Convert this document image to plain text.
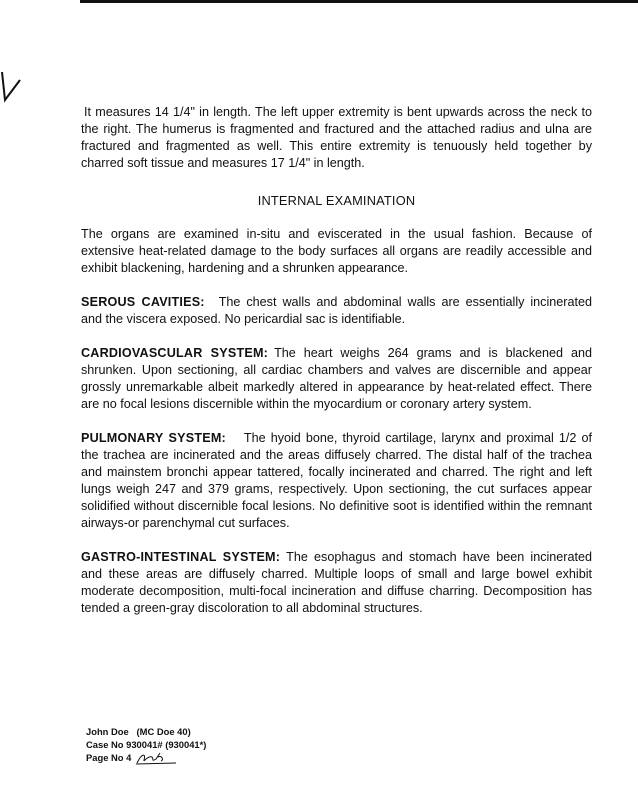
It measures 14 1/4" in length. The left upper extremity is bent upwards across the neck to the right. The humerus is fragmented and fractured and the attached radius and ulna are fractured and fragmented as well. This entire extremity is tenuously held together by charred soft tissue and measures 17 1/4" in length.

INTERNAL EXAMINATION

The organs are examined in-situ and eviscerated in the usual fashion. Because of extensive heat-related damage to the body surfaces all organs are readily accessible and exhibit blackening, hardening and a shrunken appearance.

SEROUS CAVITIES: The chest walls and abdominal walls are essentially incinerated and the viscera exposed. No pericardial sac is identifiable.

CARDIOVASCULAR SYSTEM: The heart weighs 264 grams and is blackened and shrunken. Upon sectioning, all cardiac chambers and valves are discernible and appear grossly unremarkable albeit markedly altered in appearance by heat-related effect. There are no focal lesions discernible within the myocardium or coronary artery system.

PULMONARY SYSTEM: The hyoid bone, thyroid cartilage, larynx and proximal 1/2 of the trachea are incinerated and the areas diffusely charred. The distal half of the trachea and mainstem bronchi appear tattered, focally incinerated and charred. The right and left lungs weigh 247 and 379 grams, respectively. Upon sectioning, the cut surfaces appear solidified without discernible focal lesions. No definitive soot is identified within the remnant airways-or parenchymal cut surfaces.

GASTRO-INTESTINAL SYSTEM: The esophagus and stomach have been incinerated and these areas are diffusely charred. Multiple loops of small and large bowel exhibit moderate decomposition, multi-focal incineration and diffuse charring. Decomposition has tended a green-gray discoloration to all abdominal structures.

John Doe   (MC Doe 40)
Case No 930041# (930041*)
Page No 4
